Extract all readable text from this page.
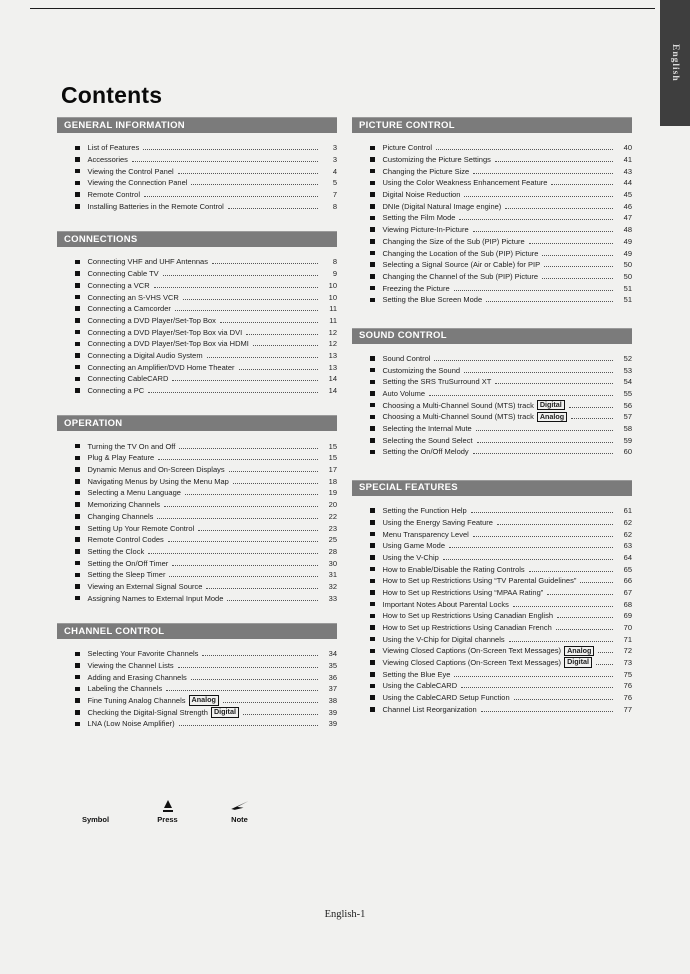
English
Contents
GENERAL INFORMATION
List of Features	3
Accessories	3
Viewing the Control Panel	4
Viewing the Connection Panel	5
Remote Control	7
Installing Batteries in the Remote Control	8
CONNECTIONS
Connecting VHF and UHF Antennas	8
Connecting Cable TV	9
Connecting a VCR	10
Connecting an S-VHS VCR	10
Connecting a Camcorder	11
Connecting a DVD Player/Set-Top Box	11
Connecting a DVD Player/Set-Top Box via DVI	12
Connecting a DVD Player/Set-Top Box via HDMI	12
Connecting a Digital Audio System	13
Connecting an Amplifier/DVD Home Theater	13
Connecting CableCARD	14
Connecting a PC	14
OPERATION
Turning the TV On and Off	15
Plug & Play Feature	15
Dynamic Menus and On-Screen Displays	17
Navigating Menus by Using the Menu Map	18
Selecting a Menu Language	19
Memorizing Channels	20
Changing Channels	22
Setting Up Your Remote Control	23
Remote Control Codes	25
Setting the Clock	28
Setting the On/Off Timer	30
Setting the Sleep Timer	31
Viewing an External Signal Source	32
Assigning Names to External Input Mode	33
CHANNEL CONTROL
Selecting Your Favorite Channels	34
Viewing the Channel Lists	35
Adding and Erasing Channels	36
Labeling the Channels	37
Fine Tuning Analog Channels Analog	38
Checking the Digital-Signal Strength Digital	39
LNA (Low Noise Amplifier)	39
PICTURE CONTROL
Picture Control	40
Customizing the Picture Settings	41
Changing the Picture Size	43
Using the Color Weakness Enhancement Feature	44
Digital Noise Reduction	45
DNIe (Digital Natural Image engine)	46
Setting the Film Mode	47
Viewing Picture-In-Picture	48
Changing the Size of the Sub (PIP) Picture	49
Changing the Location of the Sub (PIP) Picture	49
Selecting a Signal Source (Air or Cable) for PIP	50
Changing the Channel of the Sub (PIP) Picture	50
Freezing the Picture	51
Setting the Blue Screen Mode	51
SOUND CONTROL
Sound Control	52
Customizing the Sound	53
Setting the SRS TruSurround XT	54
Auto Volume	55
Choosing a Multi-Channel Sound (MTS) track Digital	56
Choosing a Multi-Channel Sound (MTS) track Analog	57
Selecting the Internal Mute	58
Selecting the Sound Select	59
Setting the On/Off Melody	60
SPECIAL FEATURES
Setting the Function Help	61
Using the Energy Saving Feature	62
Menu Transparency Level	62
Using Game Mode	63
Using the V-Chip	64
How to Enable/Disable the Rating Controls	65
How to Set up Restrictions Using “TV Parental Guidelines”	66
How to Set up Restrictions Using “MPAA Rating”	67
Important Notes About Parental Locks	68
How to Set up Restrictions Using Canadian English	69
How to Set up Restrictions Using Canadian French	70
Using the V-Chip for Digital channels	71
Viewing Closed Captions (On-Screen Text Messages) Analog	72
Viewing Closed Captions (On-Screen Text Messages) Digital	73
Setting the Blue Eye	75
Using the CableCARD	76
Using the CableCARD Setup Function	76
Channel List Reorganization	77
Symbol	Press	Note
English-1
